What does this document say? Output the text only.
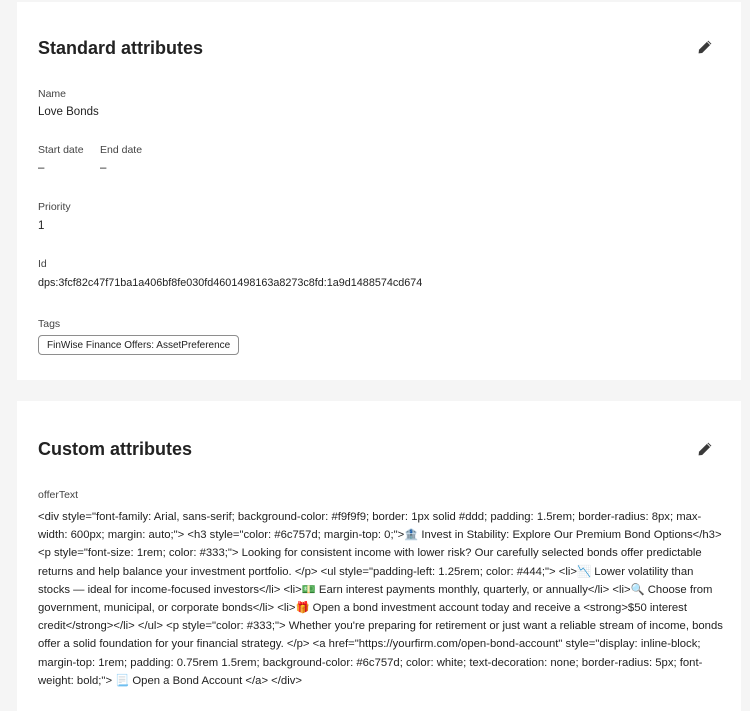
Standard attributes
Name
Love Bonds
Start date
–
End date
–
Priority
1
Id
dps:3fcf82c47f71ba1a406bf8fe030fd4601498163a8273c8fd:1a9d1488574cd674
Tags
FinWise Finance Offers: AssetPreference
Custom attributes
offerText
<div style="font-family: Arial, sans-serif; background-color: #f9f9f9; border: 1px solid #ddd; padding: 1.5rem; border-radius: 8px; max-width: 600px; margin: auto;"> <h3 style="color: #6c757d; margin-top: 0;">🏦 Invest in Stability: Explore Our Premium Bond Options</h3> <p style="font-size: 1rem; color: #333;"> Looking for consistent income with lower risk? Our carefully selected bonds offer predictable returns and help balance your investment portfolio. </p> <ul style="padding-left: 1.25rem; color: #444;"> <li>📉 Lower volatility than stocks — ideal for income-focused investors</li> <li>💵 Earn interest payments monthly, quarterly, or annually</li> <li>🔍 Choose from government, municipal, or corporate bonds</li> <li>🎁 Open a bond investment account today and receive a <strong>$50 interest credit</strong></li> </ul> <p style="color: #333;"> Whether you're preparing for retirement or just want a reliable stream of income, bonds offer a solid foundation for your financial strategy. </p> <a href="https://yourfirm.com/open-bond-account" style="display: inline-block; margin-top: 1rem; padding: 0.75rem 1.5rem; background-color: #6c757d; color: white; text-decoration: none; border-radius: 5px; font-weight: bold;"> 📃 Open a Bond Account </a> </div>
